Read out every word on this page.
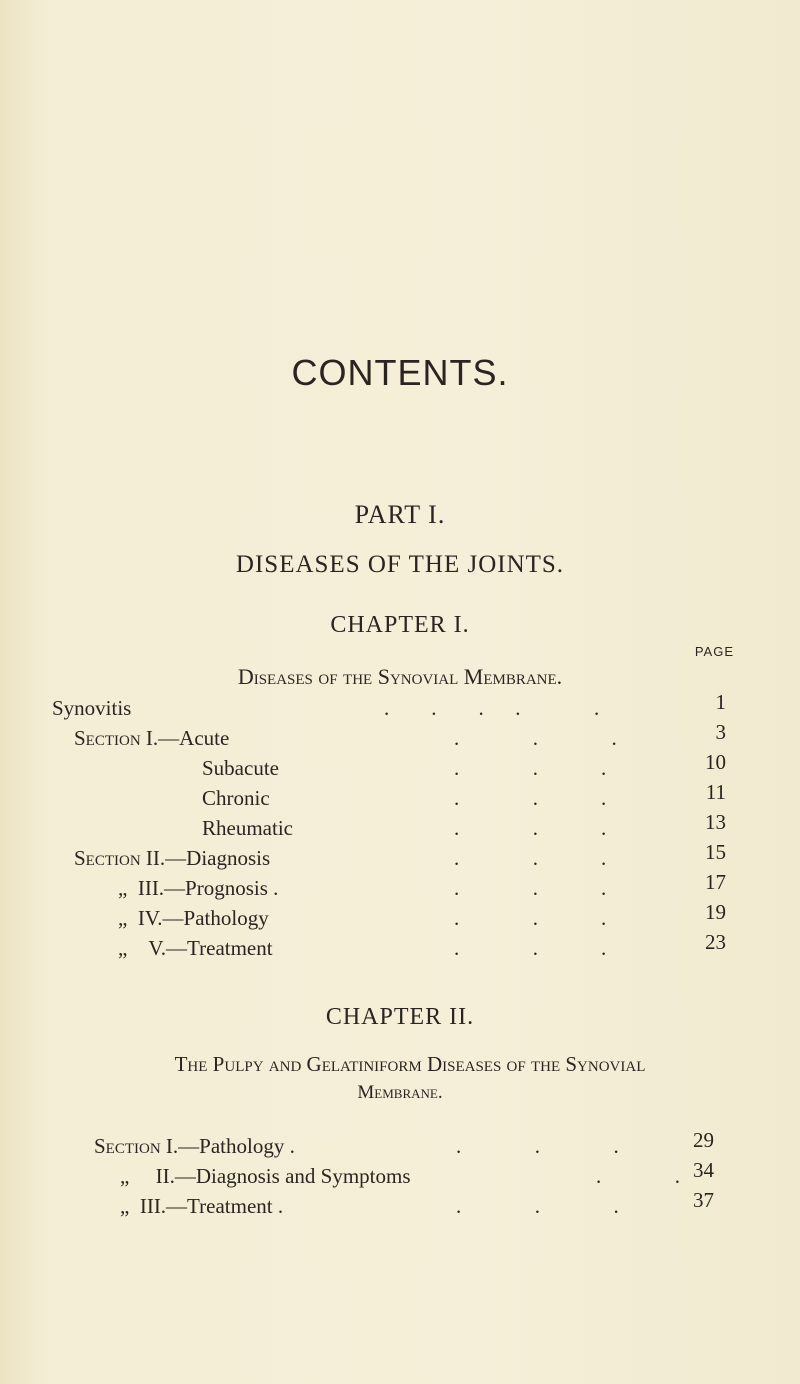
CONTENTS.
PART I.
DISEASES OF THE JOINTS.
CHAPTER I.
PAGE
Diseases of the Synovial Membrane.
Synovitis	.        .        .      .              .	1
Section I.—Acute	.              .              .	3
Subacute	.              .            .	10
Chronic	.              .            .	11
Rheumatic	.              .            .	13
Section II.—Diagnosis	.              .            .	15
„ III.—Prognosis .	.              .            .	17
„ IV.—Pathology	.              .            .	19
„ V.—Treatment	.              .            .	23
CHAPTER II.
The Pulpy and Gelatiniform Diseases of the Synovial
Membrane.
Section I.—Pathology .	.              .              .	29
„ II.—Diagnosis and Symptoms	.              . 34
„ III.—Treatment .	.              .              .	37
